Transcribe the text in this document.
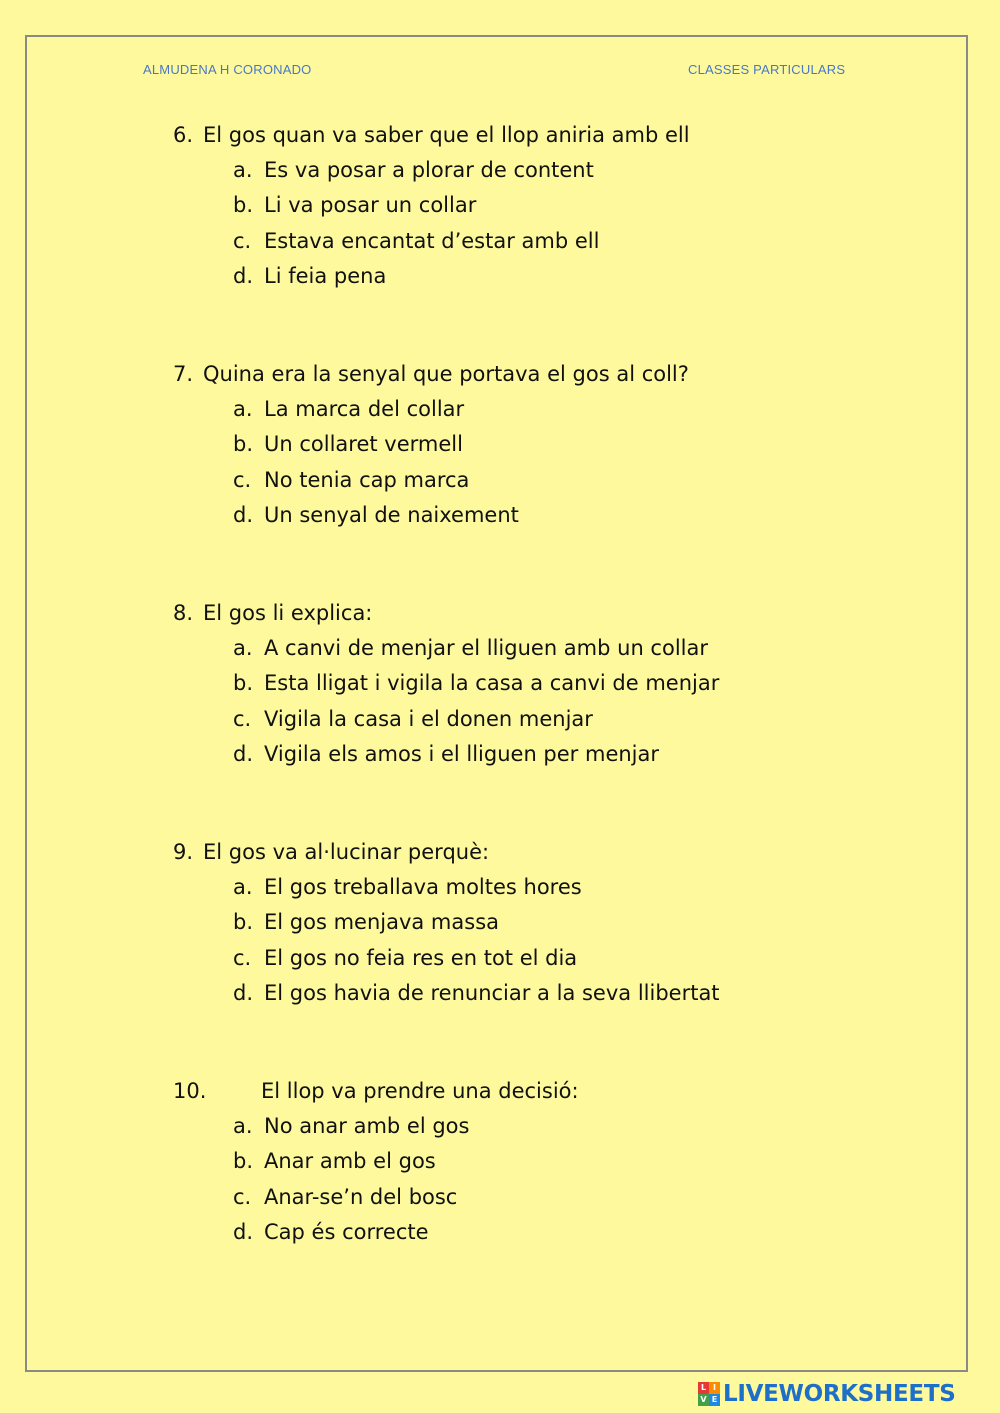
ALMUDENA H CORONADO	CLASSES PARTICULARS
6. El gos quan va saber que el llop aniria amb ell
a. Es va posar a plorar de content
b. Li va posar un collar
c. Estava encantat d’estar amb ell
d. Li feia pena
7. Quina era la senyal que portava el gos al coll?
a. La marca del collar
b. Un collaret vermell
c. No tenia cap marca
d. Un senyal de naixement
8. El gos li explica:
a. A canvi de menjar el lliguen amb un collar
b. Esta lligat i vigila la casa a canvi de menjar
c. Vigila la casa i el donen menjar
d. Vigila els amos i el lliguen per menjar
9. El gos va al·lucinar perquè:
a. El gos treballava moltes hores
b. El gos menjava massa
c. El gos no feia res en tot el dia
d. El gos havia de renunciar a la seva llibertat
10.	El llop va prendre una decisió:
a. No anar amb el gos
b. Anar amb el gos
c. Anar-se’n del bosc
d. Cap és correcte
L I
V E LIVEWORKSHEETS
